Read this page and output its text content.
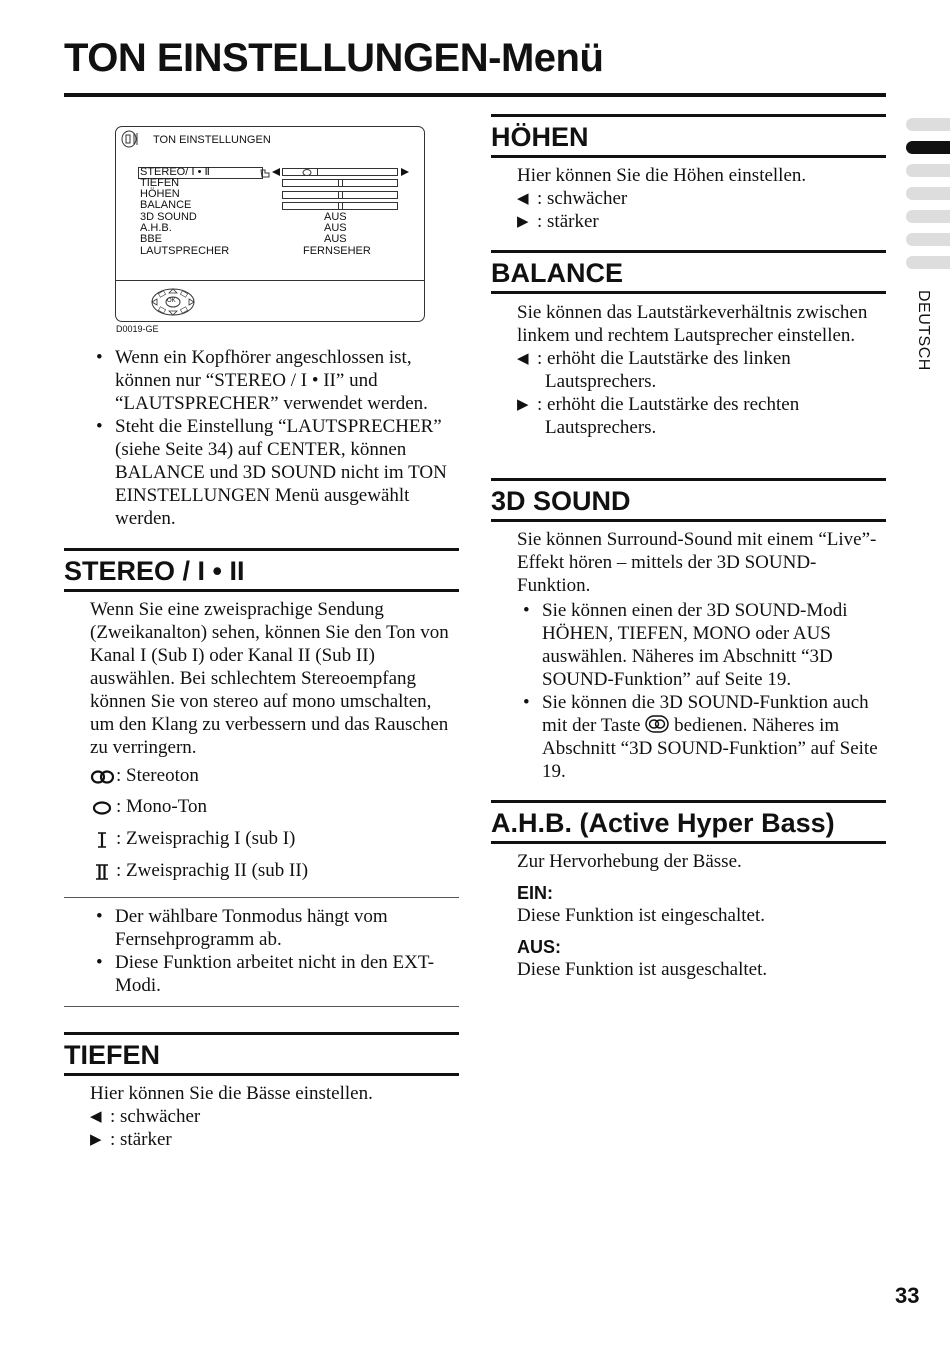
TON EINSTELLUNGEN-Menü
DEUTSCH
TON EINSTELLUNGEN
STEREO/ Ⅰ • Ⅱ
TIEFEN
HÖHEN
BALANCE
3D SOUND
A.H.B.
BBE
LAUTSPRECHER
AUS
AUS
AUS
FERNSEHER
OK
D0019-GE
• Wenn ein Kopfhörer angeschlossen ist, können nur “STEREO / I • II” und “LAUTSPRECHER” verwendet werden.
• Steht die Einstellung “LAUTSPRECHER” (siehe Seite 34) auf CENTER, können BALANCE und 3D SOUND nicht im TON EINSTELLUNGEN Menü ausgewählt werden.
STEREO / I • II
Wenn Sie eine zweisprachige Sendung (Zweikanalton) sehen, können Sie den Ton von Kanal I (Sub I) oder Kanal II (Sub II) auswählen. Bei schlechtem Stereoempfang können Sie von stereo auf mono umschalten, um den Klang zu verbessern und das Rauschen zu verringern.
: Stereoton
: Mono-Ton
: Zweisprachig I (sub I)
: Zweisprachig II (sub II)
• Der wählbare Tonmodus hängt vom Fernsehprogramm ab.
• Diese Funktion arbeitet nicht in den EXT-Modi.
TIEFEN
Hier können Sie die Bässe einstellen.
◀ : schwächer
▶ : stärker
HÖHEN
Hier können Sie die Höhen einstellen.
◀ : schwächer
▶ : stärker
BALANCE
Sie können das Lautstärkeverhältnis zwischen linkem und rechtem Lautsprecher einstellen.
◀ : erhöht die Lautstärke des linken
Lautsprechers.
▶ : erhöht die Lautstärke des rechten
Lautsprechers.
3D SOUND
Sie können Surround-Sound mit einem “Live”-Effekt hören – mittels der 3D SOUND-Funktion.
• Sie können einen der 3D SOUND-Modi HÖHEN, TIEFEN, MONO oder AUS auswählen. Näheres im Abschnitt “3D SOUND-Funktion” auf Seite 19.
• Sie können die 3D SOUND-Funktion auch mit der Taste bedienen. Näheres im Abschnitt “3D SOUND-Funktion” auf Seite 19.
A.H.B. (Active Hyper Bass)
Zur Hervorhebung der Bässe.
EIN:
Diese Funktion ist eingeschaltet.
AUS:
Diese Funktion ist ausgeschaltet.
33
